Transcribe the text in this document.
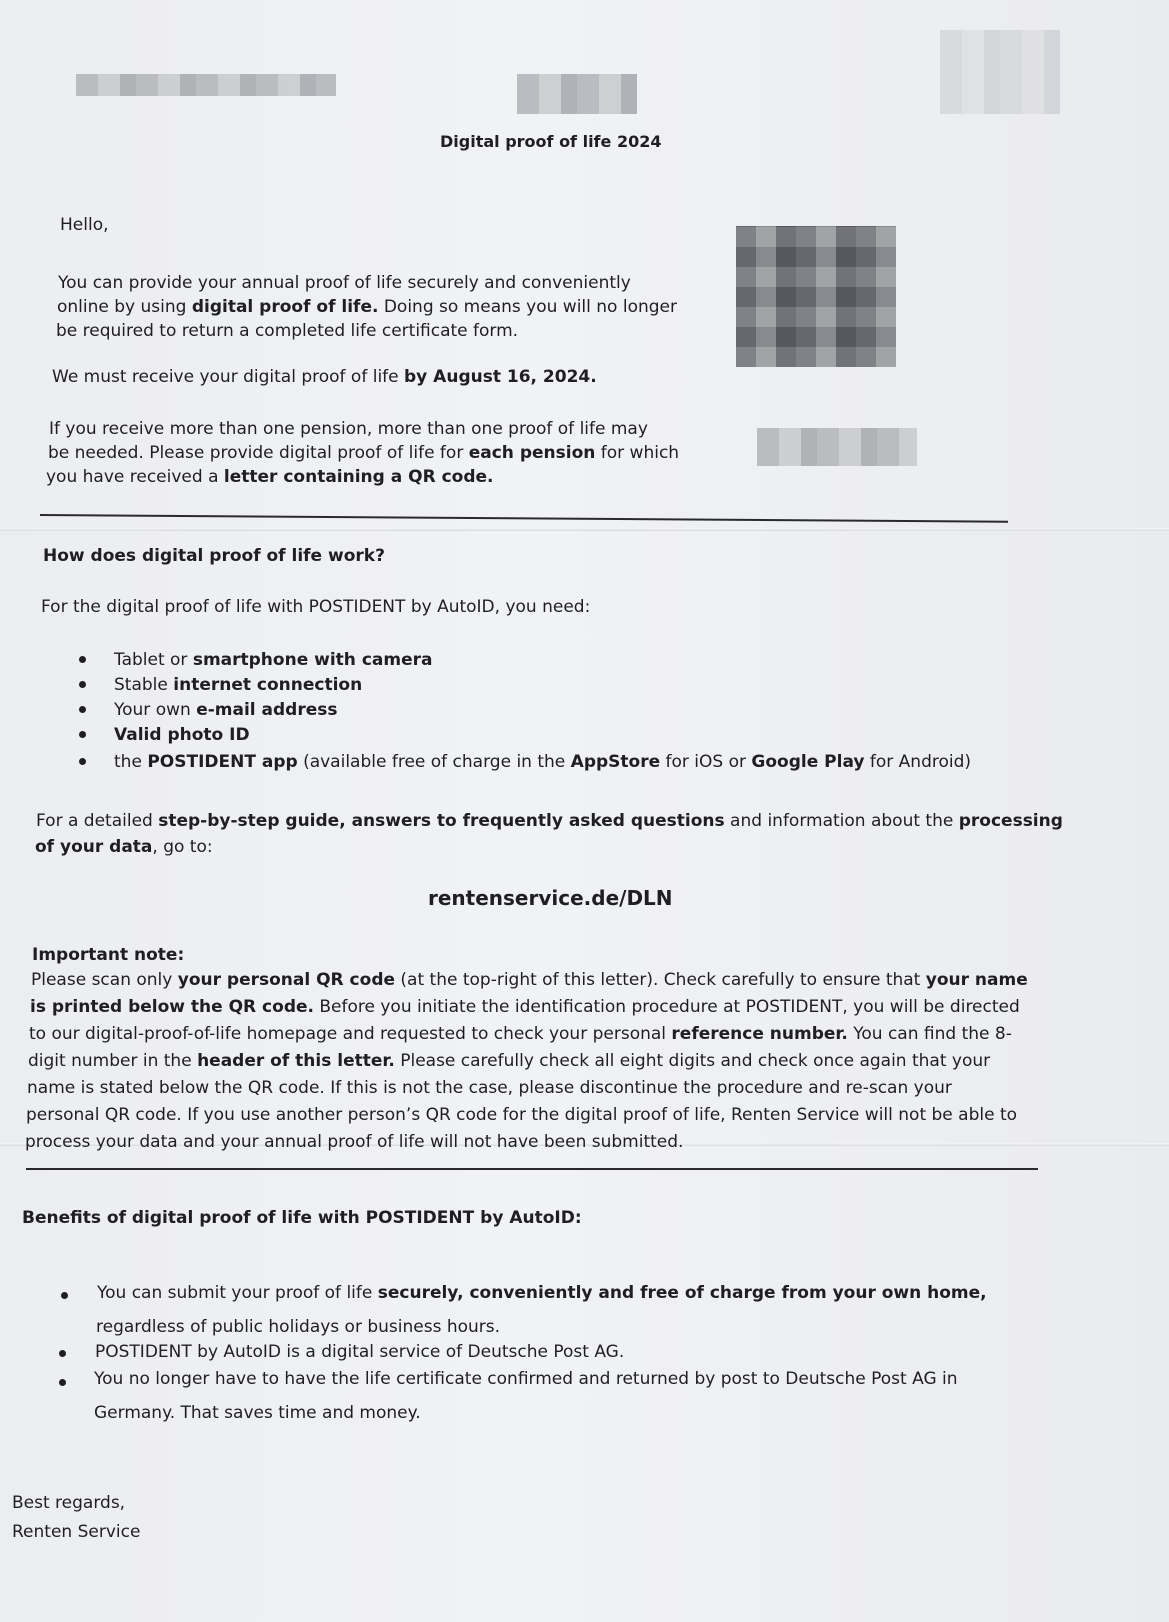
Digital proof of life 2024
Hello,
You can provide your annual proof of life securely and conveniently
online by using digital proof of life. Doing so means you will no longer
be required to return a completed life certificate form.
We must receive your digital proof of life by August 16, 2024.
If you receive more than one pension, more than one proof of life may
be needed. Please provide digital proof of life for each pension for which
you have received a letter containing a QR code.
How does digital proof of life work?
For the digital proof of life with POSTIDENT by AutoID, you need:
Tablet or smartphone with camera
Stable internet connection
Your own e-mail address
Valid photo ID
the POSTIDENT app (available free of charge in the AppStore for iOS or Google Play for Android)
For a detailed step-by-step guide, answers to frequently asked questions and information about the processing
of your data, go to:
rentenservice.de/DLN
Important note:
Please scan only your personal QR code (at the top-right of this letter). Check carefully to ensure that your name
is printed below the QR code. Before you initiate the identification procedure at POSTIDENT, you will be directed
to our digital-proof-of-life homepage and requested to check your personal reference number. You can find the 8-
digit number in the header of this letter. Please carefully check all eight digits and check once again that your
name is stated below the QR code. If this is not the case, please discontinue the procedure and re-scan your
personal QR code. If you use another person’s QR code for the digital proof of life, Renten Service will not be able to
process your data and your annual proof of life will not have been submitted.
Benefits of digital proof of life with POSTIDENT by AutoID:
You can submit your proof of life securely, conveniently and free of charge from your own home,
regardless of public holidays or business hours.
POSTIDENT by AutoID is a digital service of Deutsche Post AG.
You no longer have to have the life certificate confirmed and returned by post to Deutsche Post AG in
Germany. That saves time and money.
Best regards,
Renten Service
